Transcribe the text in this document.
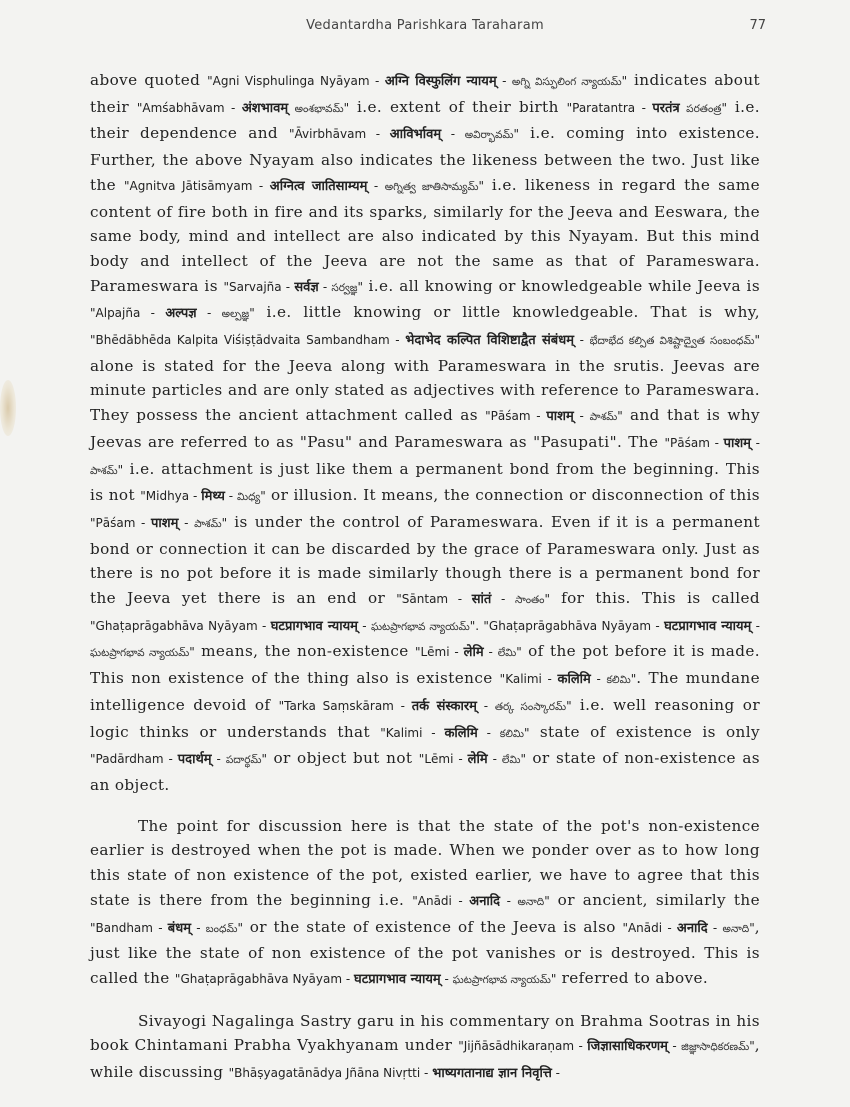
Vedantardha Parishkara Taraharam	77

above quoted "Agni Visphulinga Nyāyam - अग्नि विस्फुलिंग न्यायम् - అగ్ని విస్ఫులింగ న్యాయమ్" indicates about their "Amśabhāvam - अंशभावम् అంశభావమ్" i.e. extent of their birth "Paratantra - परतंत्र పరతంత్ర" i.e. their dependence and "Āvirbhāvam - आविर्भावम् - అవిర్భావమ్" i.e. coming into existence. Further, the above Nyayam also indicates the likeness between the two. Just like the "Agnitva Jātisāmyam - अग्नित्व जातिसाम्यम् - అగ్నిత్వ జాతిసామ్యమ్" i.e. likeness in regard the same content of fire both in fire and its sparks, similarly for the Jeeva and Eeswara, the same body, mind and intellect are also indicated by this Nyayam. But this mind body and intellect of the Jeeva are not the same as that of Parameswara. Parameswara is "Sarvajña - सर्वज्ञ - సర్వజ్ఞ" i.e. all knowing or knowledgeable while Jeeva is "Alpajña - अल्पज्ञ - అల్పజ్ఞ" i.e. little knowing or little knowledgeable. That is why, "Bhēdābhēda Kalpita Viśiṣṭādvaita Sambandham - भेदाभेद कल्पित विशिष्टाद्वैत संबंधम् - భేదాభేద కల్పిత విశిష్టాద్వైత సంబంధమ్" alone is stated for the Jeeva along with Parameswara in the srutis. Jeevas are minute particles and are only stated as adjectives with reference to Parameswara. They possess the ancient attachment called as "Pāśam - पाशम् - పాశమ్" and that is why Jeevas are referred to as "Pasu" and Parameswara as "Pasupati". The "Pāśam - पाशम् - పాశమ్" i.e. attachment is just like them a permanent bond from the beginning. This is not "Midhya - मिथ्य - మిధ్య" or illusion. It means, the connection or disconnection of this "Pāśam - पाशम् - పాశమ్" is under the control of Parameswara. Even if it is a permanent bond or connection it can be discarded by the grace of Parameswara only. Just as there is no pot before it is made similarly though there is a permanent bond for the Jeeva yet there is an end or "Sāntam - सांतं - సాంతం" for this. This is called "Ghaṭaprāgabhāva Nyāyam - घटप्रागभाव न्यायम् - ఘటప్రాగభావ న్యాయమ్". "Ghaṭaprāgabhāva Nyāyam - घटप्रागभाव न्यायम् - ఘటప్రాగభావ న్యాయమ్" means, the non-existence "Lēmi - लेमि - లేమి" of the pot before it is made. This non existence of the thing also is existence "Kalimi - कलिमि - కలిమి". The mundane intelligence devoid of "Tarka Saṃskāram - तर्क संस्कारम् - తర్క సంస్కారమ్" i.e. well reasoning or logic thinks or understands that "Kalimi - कलिमि - కలిమి" state of existence is only "Padārdham - पदार्थम् - పదార్థమ్" or object but not "Lēmi - लेमि - లేమి" or state of non-existence as an object.

The point for discussion here is that the state of the pot's non-existence earlier is destroyed when the pot is made. When we ponder over as to how long this state of non existence of the pot, existed earlier, we have to agree that this state is there from the beginning i.e. "Anādi - अनादि - అనాది" or ancient, similarly the "Bandham - बंधम् - బంధమ్" or the state of existence of the Jeeva is also "Anādi - अनादि - అనాది", just like the state of non existence of the pot vanishes or is destroyed. This is called the "Ghaṭaprāgabhāva Nyāyam - घटप्रागभाव न्यायम् - ఘటప్రాగభావ న్యాయమ్" referred to above.

Sivayogi Nagalinga Sastry garu in his commentary on Brahma Sootras in his book Chintamani Prabha Vyakhyanam under "Jijñāsādhikaraṇam - जिज्ञासाधिकरणम् - జిజ్ఞాసాధికరణమ్", while discussing "Bhāṣyagatānādya Jñāna Nivṛtti - भाष्यगतानाद्य ज्ञान निवृत्ति -
